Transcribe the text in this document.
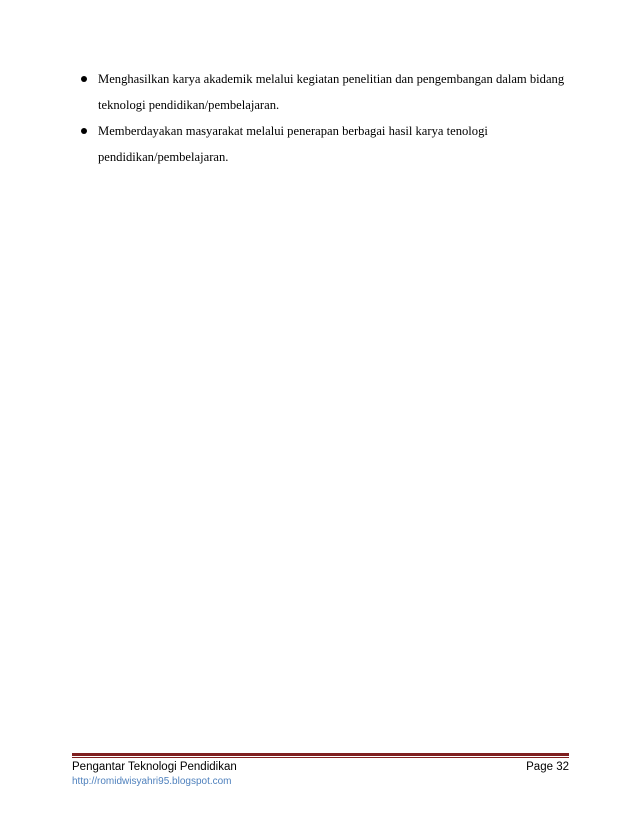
Menghasilkan karya akademik melalui kegiatan penelitian dan pengembangan dalam bidang teknologi pendidikan/pembelajaran.
Memberdayakan masyarakat melalui penerapan berbagai hasil karya tenologi pendidikan/pembelajaran.
Pengantar Teknologi Pendidikan	Page 32
http://romidwisyahri95.blogspot.com
